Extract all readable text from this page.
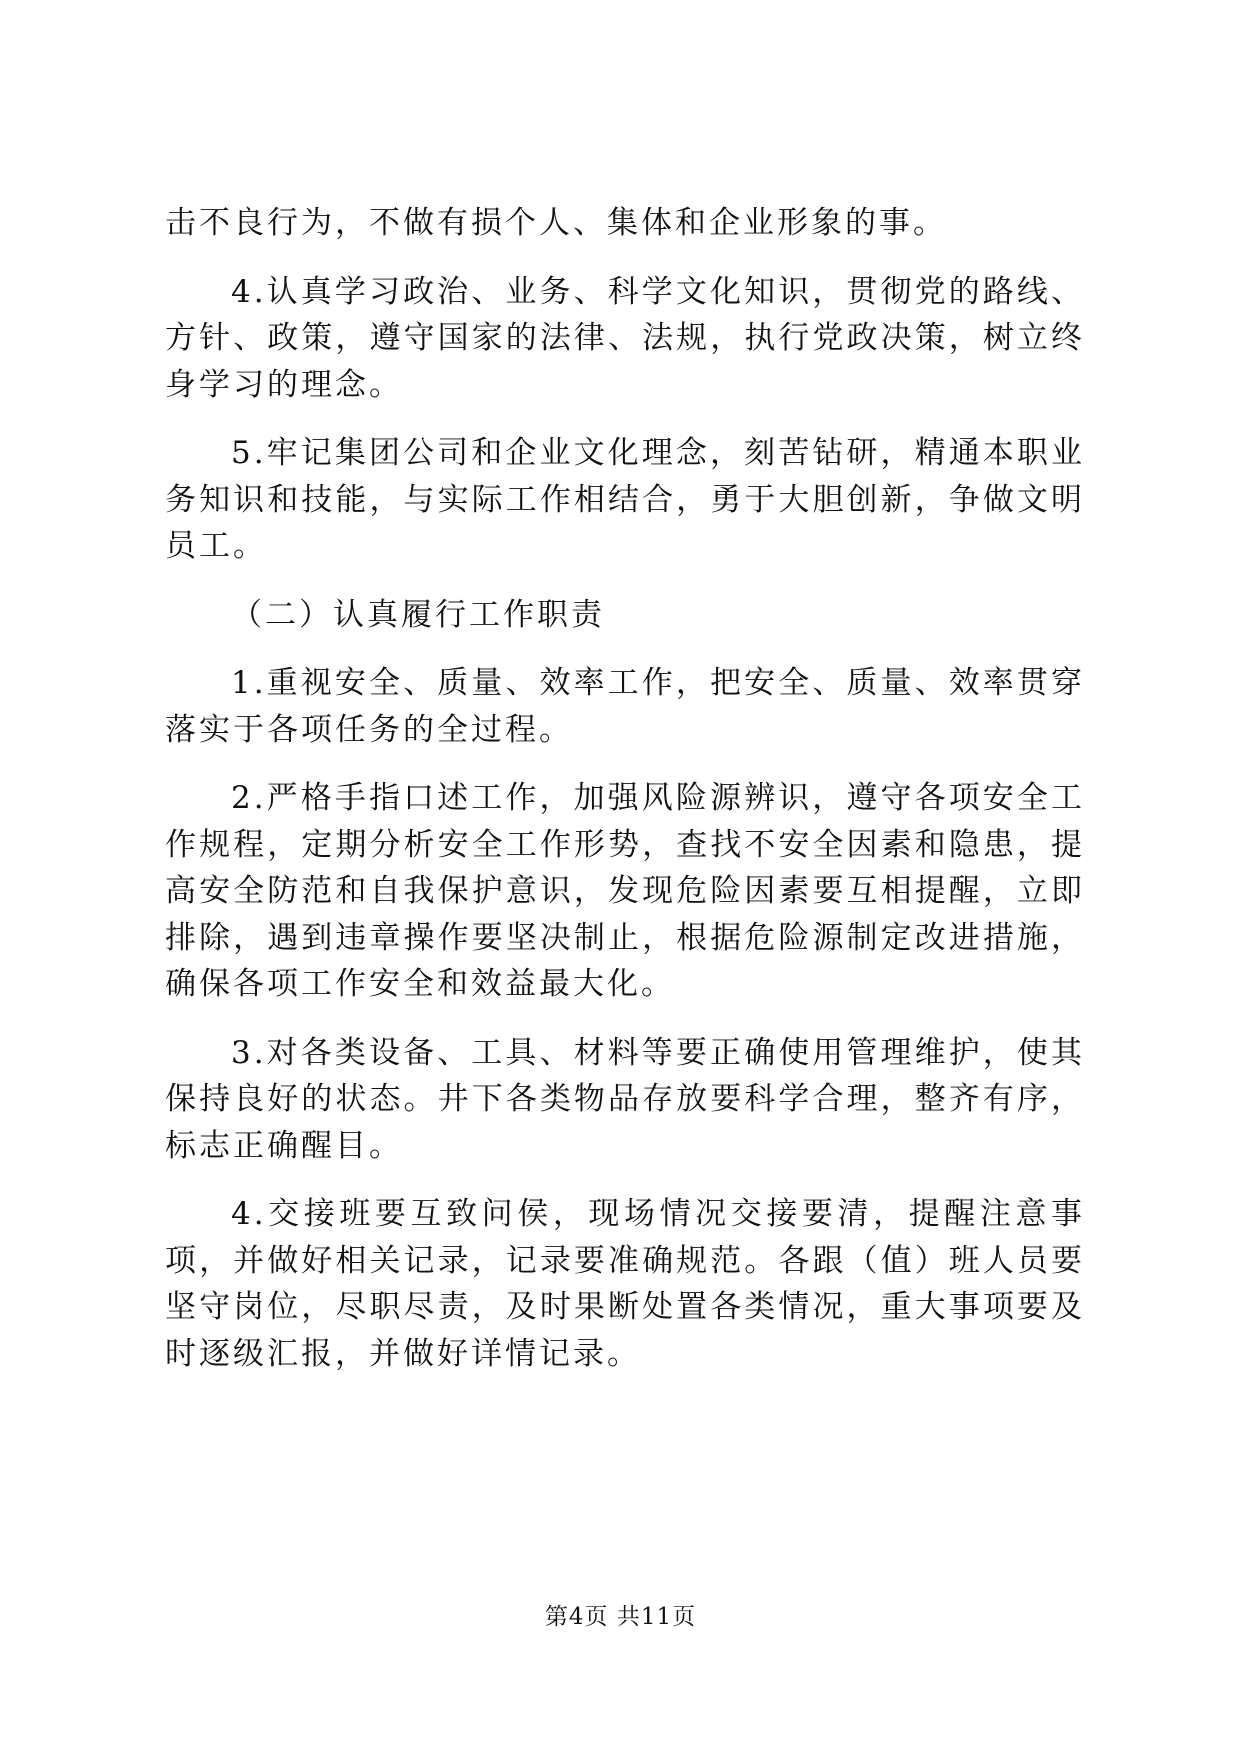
击不良行为，不做有损个人、集体和企业形象的事。

4.认真学习政治、业务、科学文化知识，贯彻党的路线、方针、政策，遵守国家的法律、法规，执行党政决策，树立终身学习的理念。

5.牢记集团公司和企业文化理念，刻苦钻研，精通本职业务知识和技能，与实际工作相结合，勇于大胆创新，争做文明员工。

（二）认真履行工作职责

1.重视安全、质量、效率工作，把安全、质量、效率贯穿落实于各项任务的全过程。

2.严格手指口述工作，加强风险源辨识，遵守各项安全工作规程，定期分析安全工作形势，查找不安全因素和隐患，提高安全防范和自我保护意识，发现危险因素要互相提醒，立即排除，遇到违章操作要坚决制止，根据危险源制定改进措施，确保各项工作安全和效益最大化。

3.对各类设备、工具、材料等要正确使用管理维护，使其保持良好的状态。井下各类物品存放要科学合理，整齐有序，标志正确醒目。

4.交接班要互致问侯，现场情况交接要清，提醒注意事项，并做好相关记录，记录要准确规范。各跟（值）班人员要坚守岗位，尽职尽责，及时果断处置各类情况，重大事项要及时逐级汇报，并做好详情记录。

第4页 共11页
